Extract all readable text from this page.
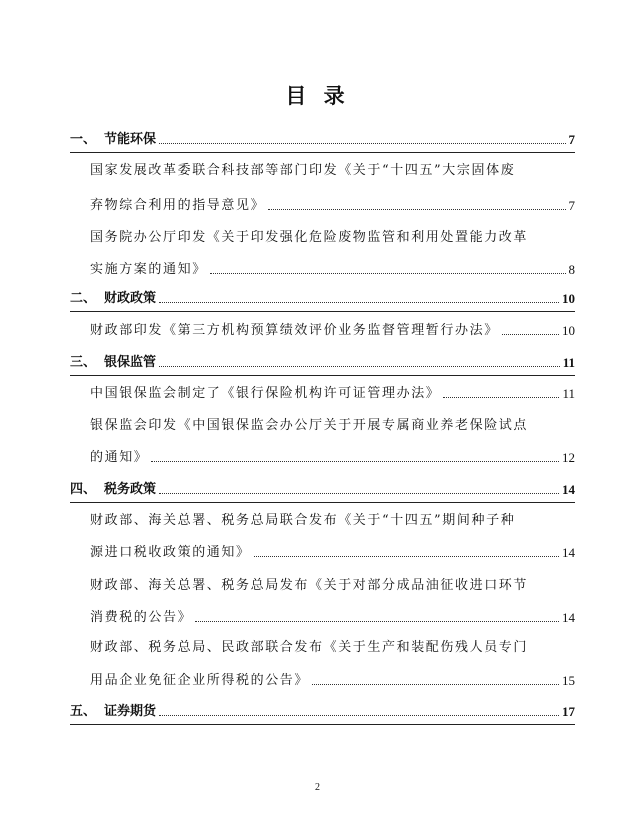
目 录
一、 节能环保	7
国家发展改革委联合科技部等部门印发《关于“十四五”大宗固体废
弃物综合利用的指导意见》	7
国务院办公厅印发《关于印发强化危险废物监管和利用处置能力改革
实施方案的通知》	8
二、 财政政策	10
财政部印发《第三方机构预算绩效评价业务监督管理暂行办法》	10
三、 银保监管	11
中国银保监会制定了《银行保险机构许可证管理办法》	11
银保监会印发《中国银保监会办公厅关于开展专属商业养老保险试点
的通知》	12
四、 税务政策	14
财政部、海关总署、税务总局联合发布《关于“十四五”期间种子种
源进口税收政策的通知》	14
财政部、海关总署、税务总局发布《关于对部分成品油征收进口环节
消费税的公告》	14
财政部、税务总局、民政部联合发布《关于生产和装配伤残人员专门
用品企业免征企业所得税的公告》	15
五、 证券期货	17
2
